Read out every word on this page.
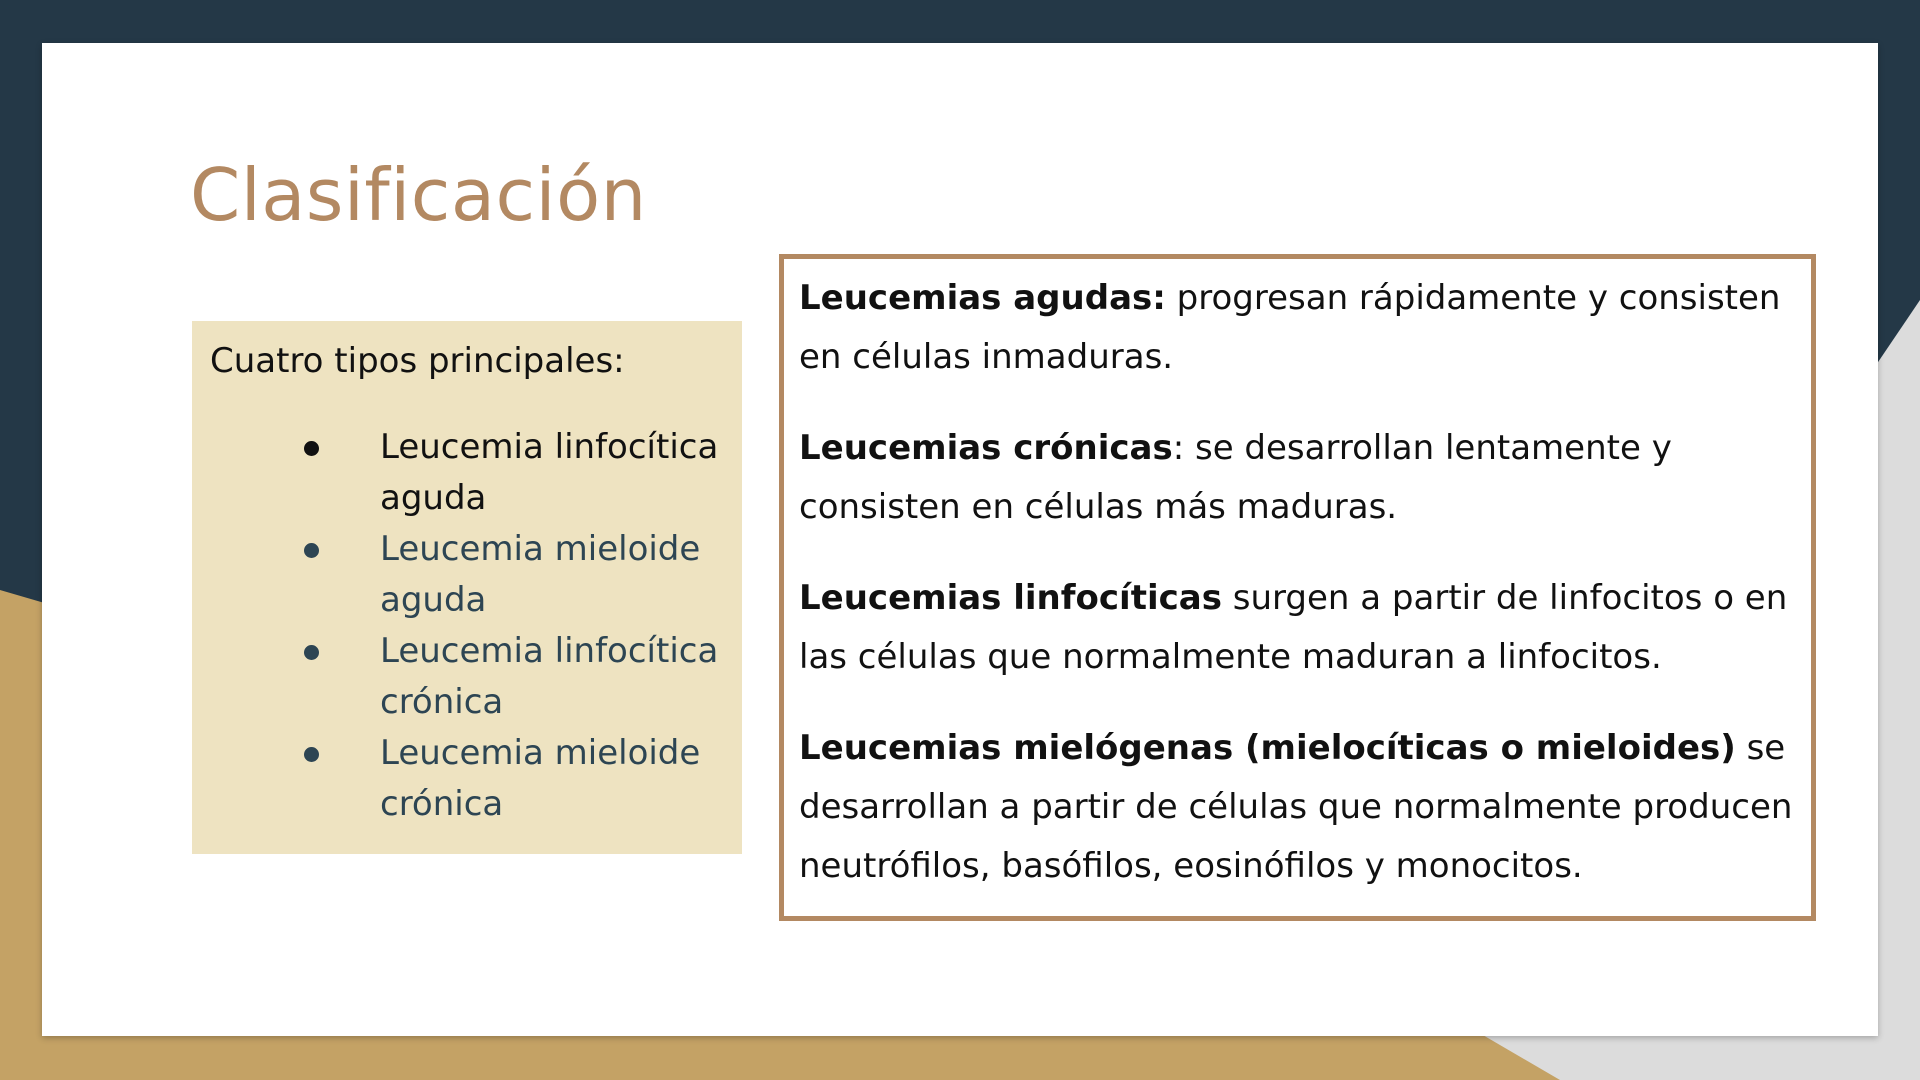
Clasificación
Cuatro tipos principales:
Leucemia linfocítica aguda
Leucemia mieloide aguda
Leucemia linfocítica crónica
Leucemia mieloide crónica

Leucemias agudas: progresan rápidamente y consisten en células inmaduras.

Leucemias crónicas: se desarrollan lentamente y consisten en células más maduras.

Leucemias linfocíticas surgen a partir de linfocitos o en las células que normalmente maduran a linfocitos.

Leucemias mielógenas (mielocíticas o mieloides) se desarrollan a partir de células que normalmente producen neutrófilos, basófilos, eosinófilos y monocitos.
